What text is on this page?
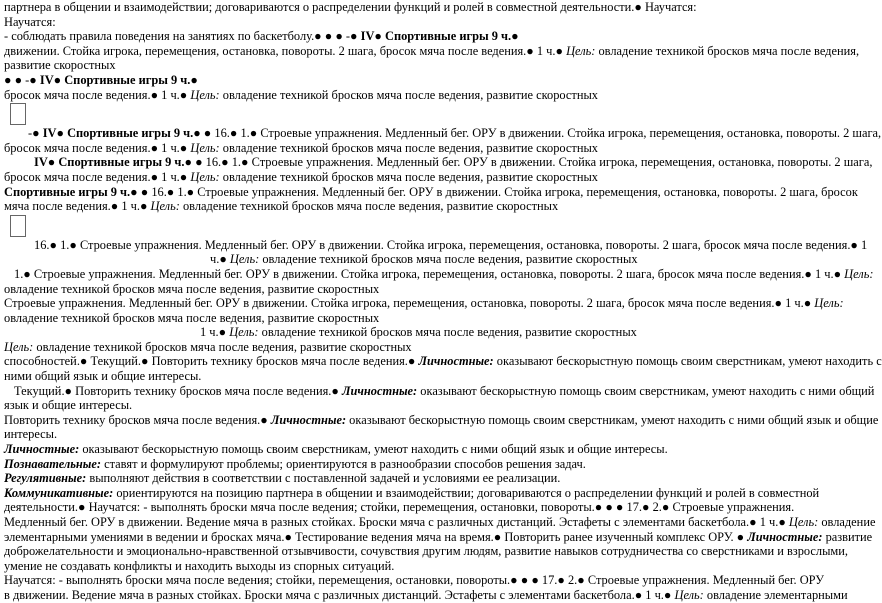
партнера в общении и взаимодействии; договариваются о распределении функций и ролей в совместной деятельности.● Научатся:
Научатся:
- соблюдать правила поведения на занятиях по баскетболу.● ● ● -● IV● Спортивные игры 9 ч.●
движении. Стойка игрока, перемещения, остановка, повороты. 2 шага, бросок мяча после ведения.● 1 ч.● Цель: овладение техникой бросков мяча после ведения,
развитие скоростных
● ● -● IV● Спортивные игры 9 ч.●
бросок мяча после ведения.● 1 ч.● Цель: овладение техникой бросков мяча после ведения, развитие скоростных
-● IV● Спортивные игры 9 ч.● ● 16.● 1.● Строевые упражнения. Медленный бег. ОРУ в движении. Стойка игрока, перемещения, остановка, повороты. 2 шага,
бросок мяча после ведения.● 1 ч.● Цель: овладение техникой бросков мяча после ведения, развитие скоростных
IV● Спортивные игры 9 ч.● ● 16.● 1.● Строевые упражнения. Медленный бег. ОРУ в движении. Стойка игрока, перемещения, остановка, повороты. 2 шага,
бросок мяча после ведения.● 1 ч.● Цель: овладение техникой бросков мяча после ведения, развитие скоростных
Спортивные игры 9 ч.● ● 16.● 1.● Строевые упражнения. Медленный бег. ОРУ в движении. Стойка игрока, перемещения, остановка, повороты. 2 шага, бросок
мяча после ведения.● 1 ч.● Цель: овладение техникой бросков мяча после ведения, развитие скоростных
16.● 1.● Строевые упражнения. Медленный бег. ОРУ в движении. Стойка игрока, перемещения, остановка, повороты. 2 шага, бросок мяча после ведения.● 1
ч.● Цель: овладение техникой бросков мяча после ведения, развитие скоростных
1.● Строевые упражнения. Медленный бег. ОРУ в движении. Стойка игрока, перемещения, остановка, повороты. 2 шага, бросок мяча после ведения.● 1 ч.● Цель:
овладение техникой бросков мяча после ведения, развитие скоростных
Строевые упражнения. Медленный бег. ОРУ в движении. Стойка игрока, перемещения, остановка, повороты. 2 шага, бросок мяча после ведения.● 1 ч.● Цель:
овладение техникой бросков мяча после ведения, развитие скоростных
1 ч.● Цель: овладение техникой бросков мяча после ведения, развитие скоростных
Цель: овладение техникой бросков мяча после ведения, развитие скоростных
способностей.● Текущий.● Повторить технику бросков мяча после ведения.● Личностные: оказывают бескорыстную помощь своим сверстникам, умеют находить с
ними общий язык и общие интересы.
Текущий.● Повторить технику бросков мяча после ведения.● Личностные: оказывают бескорыстную помощь своим сверстникам, умеют находить с ними общий
язык и общие интересы.
Повторить технику бросков мяча после ведения.● Личностные: оказывают бескорыстную помощь своим сверстникам, умеют находить с ними общий язык и общие
интересы.
Личностные: оказывают бескорыстную помощь своим сверстникам, умеют находить с ними общий язык и общие интересы.
Познавательные: ставят и формулируют проблемы; ориентируются в разнообразии способов решения задач.
Регулятивные: выполняют действия в соответствии с поставленной задачей и условиями ее реализации.
Коммуникативные: ориентируются на позицию партнера в общении и взаимодействии; договариваются о распределении функций и ролей в совместной
деятельности.● Научатся: - выполнять броски мяча после ведения; стойки, перемещения, остановки, повороты.● ● ● 17.● 2.● Строевые упражнения.
Медленный бег. ОРУ в движении. Ведение мяча в разных стойках. Броски мяча с различных дистанций. Эстафеты с элементами баскетбола.● 1 ч.● Цель: овладение
элементарными умениями в ведении и бросках мяча.● Тестирование ведения мяча на время.● Повторить ранее изученный комплекс ОРУ. ● Личностные: развитие
доброжелательности и эмоционально-нравственной отзывчивости, сочувствия другим людям, развитие навыков сотрудничества со сверстниками и взрослыми,
умение не создавать конфликты и находить выходы из спорных ситуаций.
Научатся: - выполнять броски мяча после ведения; стойки, перемещения, остановки, повороты.● ● ● 17.● 2.● Строевые упражнения. Медленный бег. ОРУ
в движении. Ведение мяча в разных стойках. Броски мяча с различных дистанций. Эстафеты с элементами баскетбола.● 1 ч.● Цель: овладение элементарными
